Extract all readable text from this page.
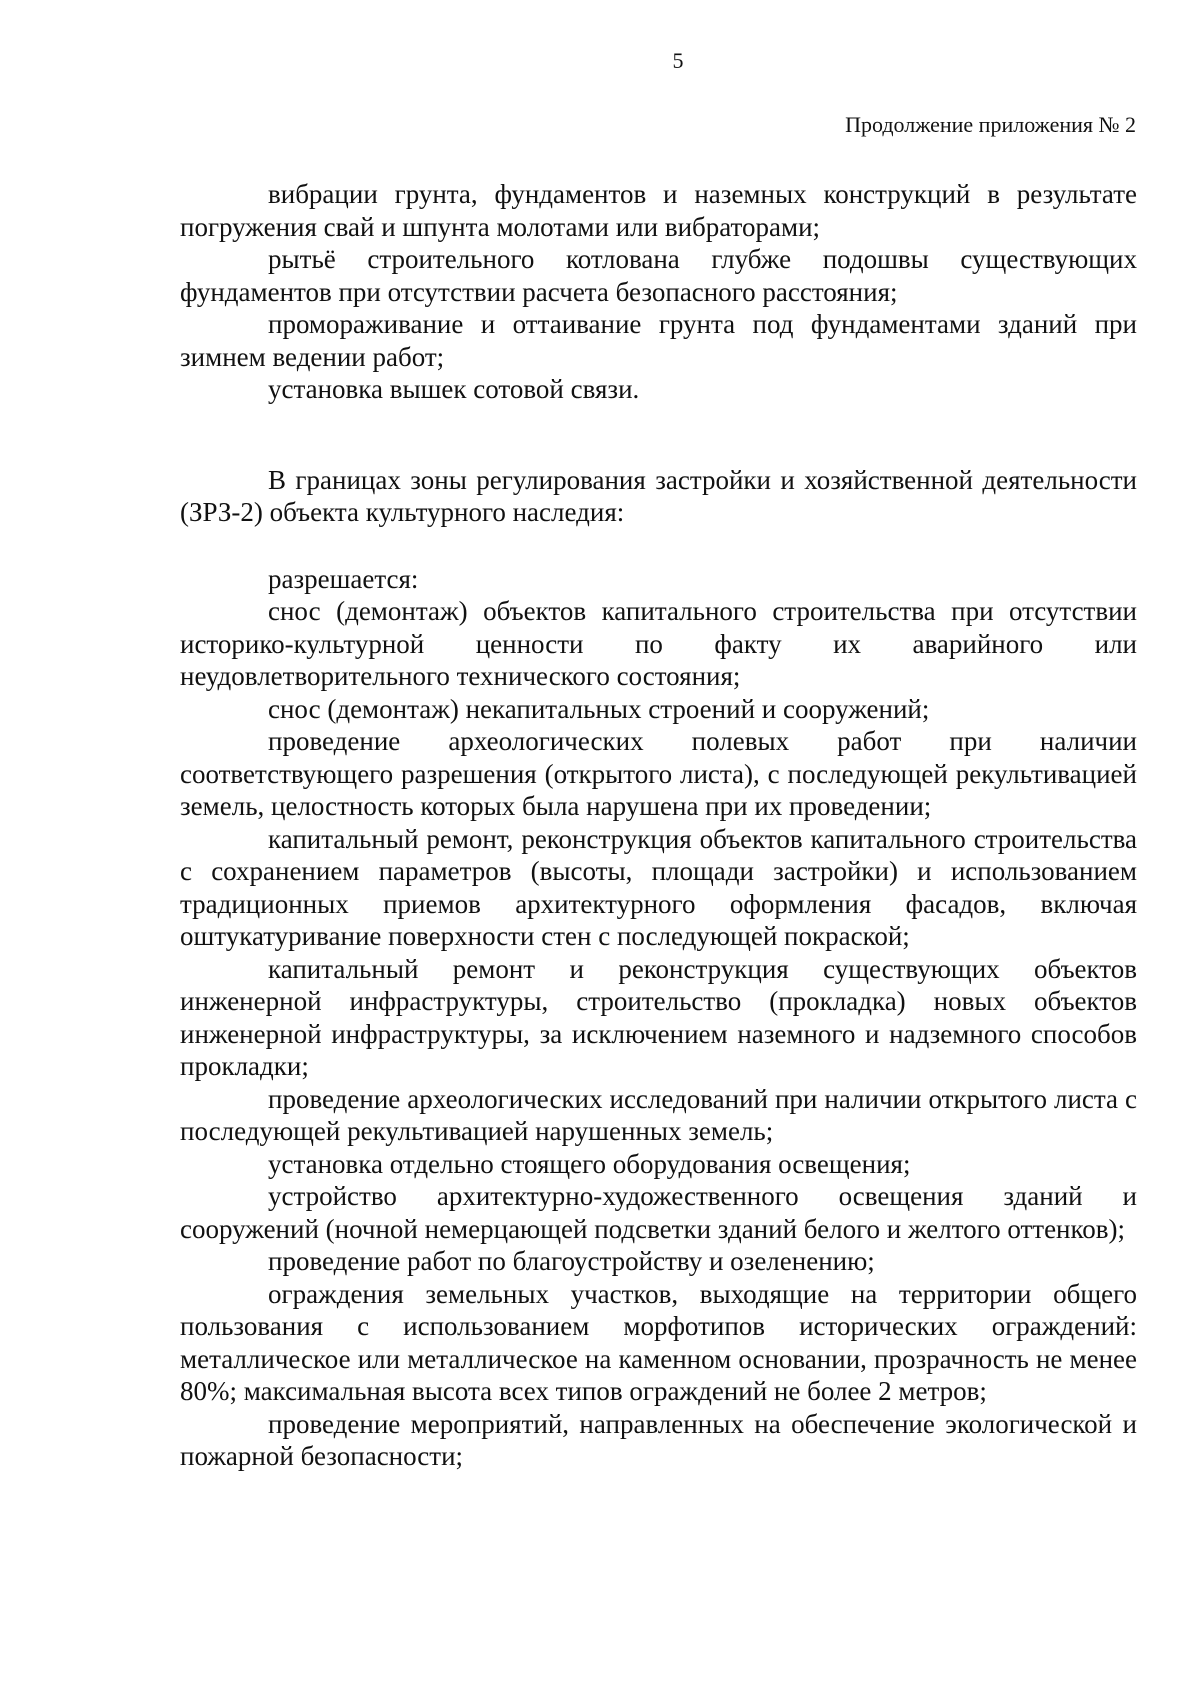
5
Продолжение приложения № 2

вибрации грунта, фундаментов и наземных конструкций в результате погружения свай и шпунта молотами или вибраторами;

рытьё строительного котлована глубже подошвы существующих фундаментов при отсутствии расчета безопасного расстояния;

промораживание и оттаивание грунта под фундаментами зданий при зимнем ведении работ;

установка вышек сотовой связи.

В границах зоны регулирования застройки и хозяйственной деятельности (ЗРЗ-2) объекта культурного наследия:

разрешается:

снос (демонтаж) объектов капитального строительства при отсутствии историко-культурной ценности по факту их аварийного или неудовлетворительного технического состояния;

снос (демонтаж) некапитальных строений и сооружений;

проведение археологических полевых работ при наличии соответствующего разрешения (открытого листа), с последующей рекультивацией земель, целостность которых была нарушена при их проведении;

капитальный ремонт, реконструкция объектов капитального строительства с сохранением параметров (высоты, площади застройки) и использованием традиционных приемов архитектурного оформления фасадов, включая оштукатуривание поверхности стен с последующей покраской;

капитальный ремонт и реконструкция существующих объектов инженерной инфраструктуры, строительство (прокладка) новых объектов инженерной инфраструктуры, за исключением наземного и надземного способов прокладки;

проведение археологических исследований при наличии открытого листа с последующей рекультивацией нарушенных земель;

установка отдельно стоящего оборудования освещения;

устройство архитектурно-художественного освещения зданий и сооружений (ночной немерцающей подсветки зданий белого и желтого оттенков);

проведение работ по благоустройству и озеленению;

ограждения земельных участков, выходящие на территории общего пользования с использованием морфотипов исторических ограждений: металлическое или металлическое на каменном основании, прозрачность не менее 80%; максимальная высота всех типов ограждений не более 2 метров;

проведение мероприятий, направленных на обеспечение экологической и пожарной безопасности;
